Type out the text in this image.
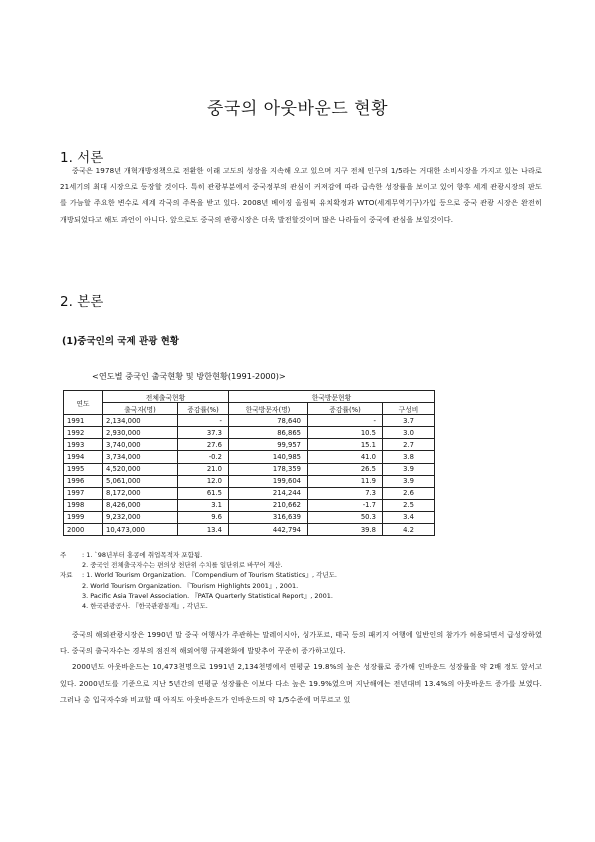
중국의 아웃바운드 현황
1. 서론

중국은 1978년 개혁개방정책으로 전환한 이래 고도의 성장을 지속해 오고 있으며 지구 전체 인구의 1/5라는 거대한 소비시장을 가지고 있는 나라로 21세기의 최대 시장으로 등장할 것이다. 특히 관광부분에서 중국정부의 관심이 커져감에 따라 급속한 성장률을 보이고 있어 향후 세계 관광시장의 판도를 가늠할 주요한 변수로 세계 각국의 주목을 받고 있다. 2008년 베이징 올림픽 유치확정과 WTO(세계무역기구)가입 등으로 중국 관광 시장은 완전히 개방되었다고 해도 과언이 아니다. 앞으로도 중국의 관광시장은 더욱 발전할것이며 많은 나라들이 중국에 관심을 보일것이다.

2. 본론
(1)중국인의 국제 관광 현황

<연도별 중국인 출국현황 및 방한현황(1991-2000)>

연도	전체출국현황		한국방문현황		
	출국자(명)	증감률(%)	한국방문자(명)	증감률(%)	구성비
1991	2,134,000	-	78,640	-	3.7
1992	2,930,000	37.3	86,865	10.5	3.0
1993	3,740,000	27.6	99,957	15.1	2.7
1994	3,734,000	-0.2	140,985	41.0	3.8
1995	4,520,000	21.0	178,359	26.5	3.9
1996	5,061,000	12.0	199,604	11.9	3.9
1997	8,172,000	61.5	214,244	7.3	2.6
1998	8,426,000	3.1	210,662	-1.7	2.5
1999	9,232,000	9.6	316,639	50.3	3.4
2000	10,473,000	13.4	442,794	39.8	4.2
주	: 1. `98년부터 홍콩에 취업목적자 포함됨.
2. 중국인 전체출국자수는 편의상 천단위 수치를 일단위로 바꾸어 계산.
자료	: 1. World Tourism Organization. 『Compendium of Tourism Statistics』, 각년도.
2. World Tourism Organization. 『Tourism Highlights 2001』, 2001.
3. Pacific Asia Travel Association. 『PATA Quarterly Statistical Report』, 2001.
4. 한국관광공사. 『한국관광통계』, 각년도.

중국의 해외관광시장은 1990년 말 중국 여행사가 주관하는 말레이시아, 싱가포르, 태국 등의 패키지 여행에 일반인의 참가가 허용되면서 급성장하였다. 중국의 출국자수는 경부의 점진적 해외여행 규제완화에 발맞추어 꾸준히 증가하고있다.

2000년도 아웃바운드는 10,473천명으로 1991년 2,134천명에서 연평균 19.8%의 높은 성장률로 증가해 인바운드 성장률을 약 2배 정도 앞서고 있다. 2000년도를 기준으로 지난 5년간의 연평균 성장률은 이보다 다소 높은 19.9%였으며 지난해에는 전년대비 13.4%의 아웃바운드 증가를 보였다. 그러나 총 입국자수와 비교할 때 아직도 아웃바운드가 인바운드의 약 1/5수준에 머무르고 있
